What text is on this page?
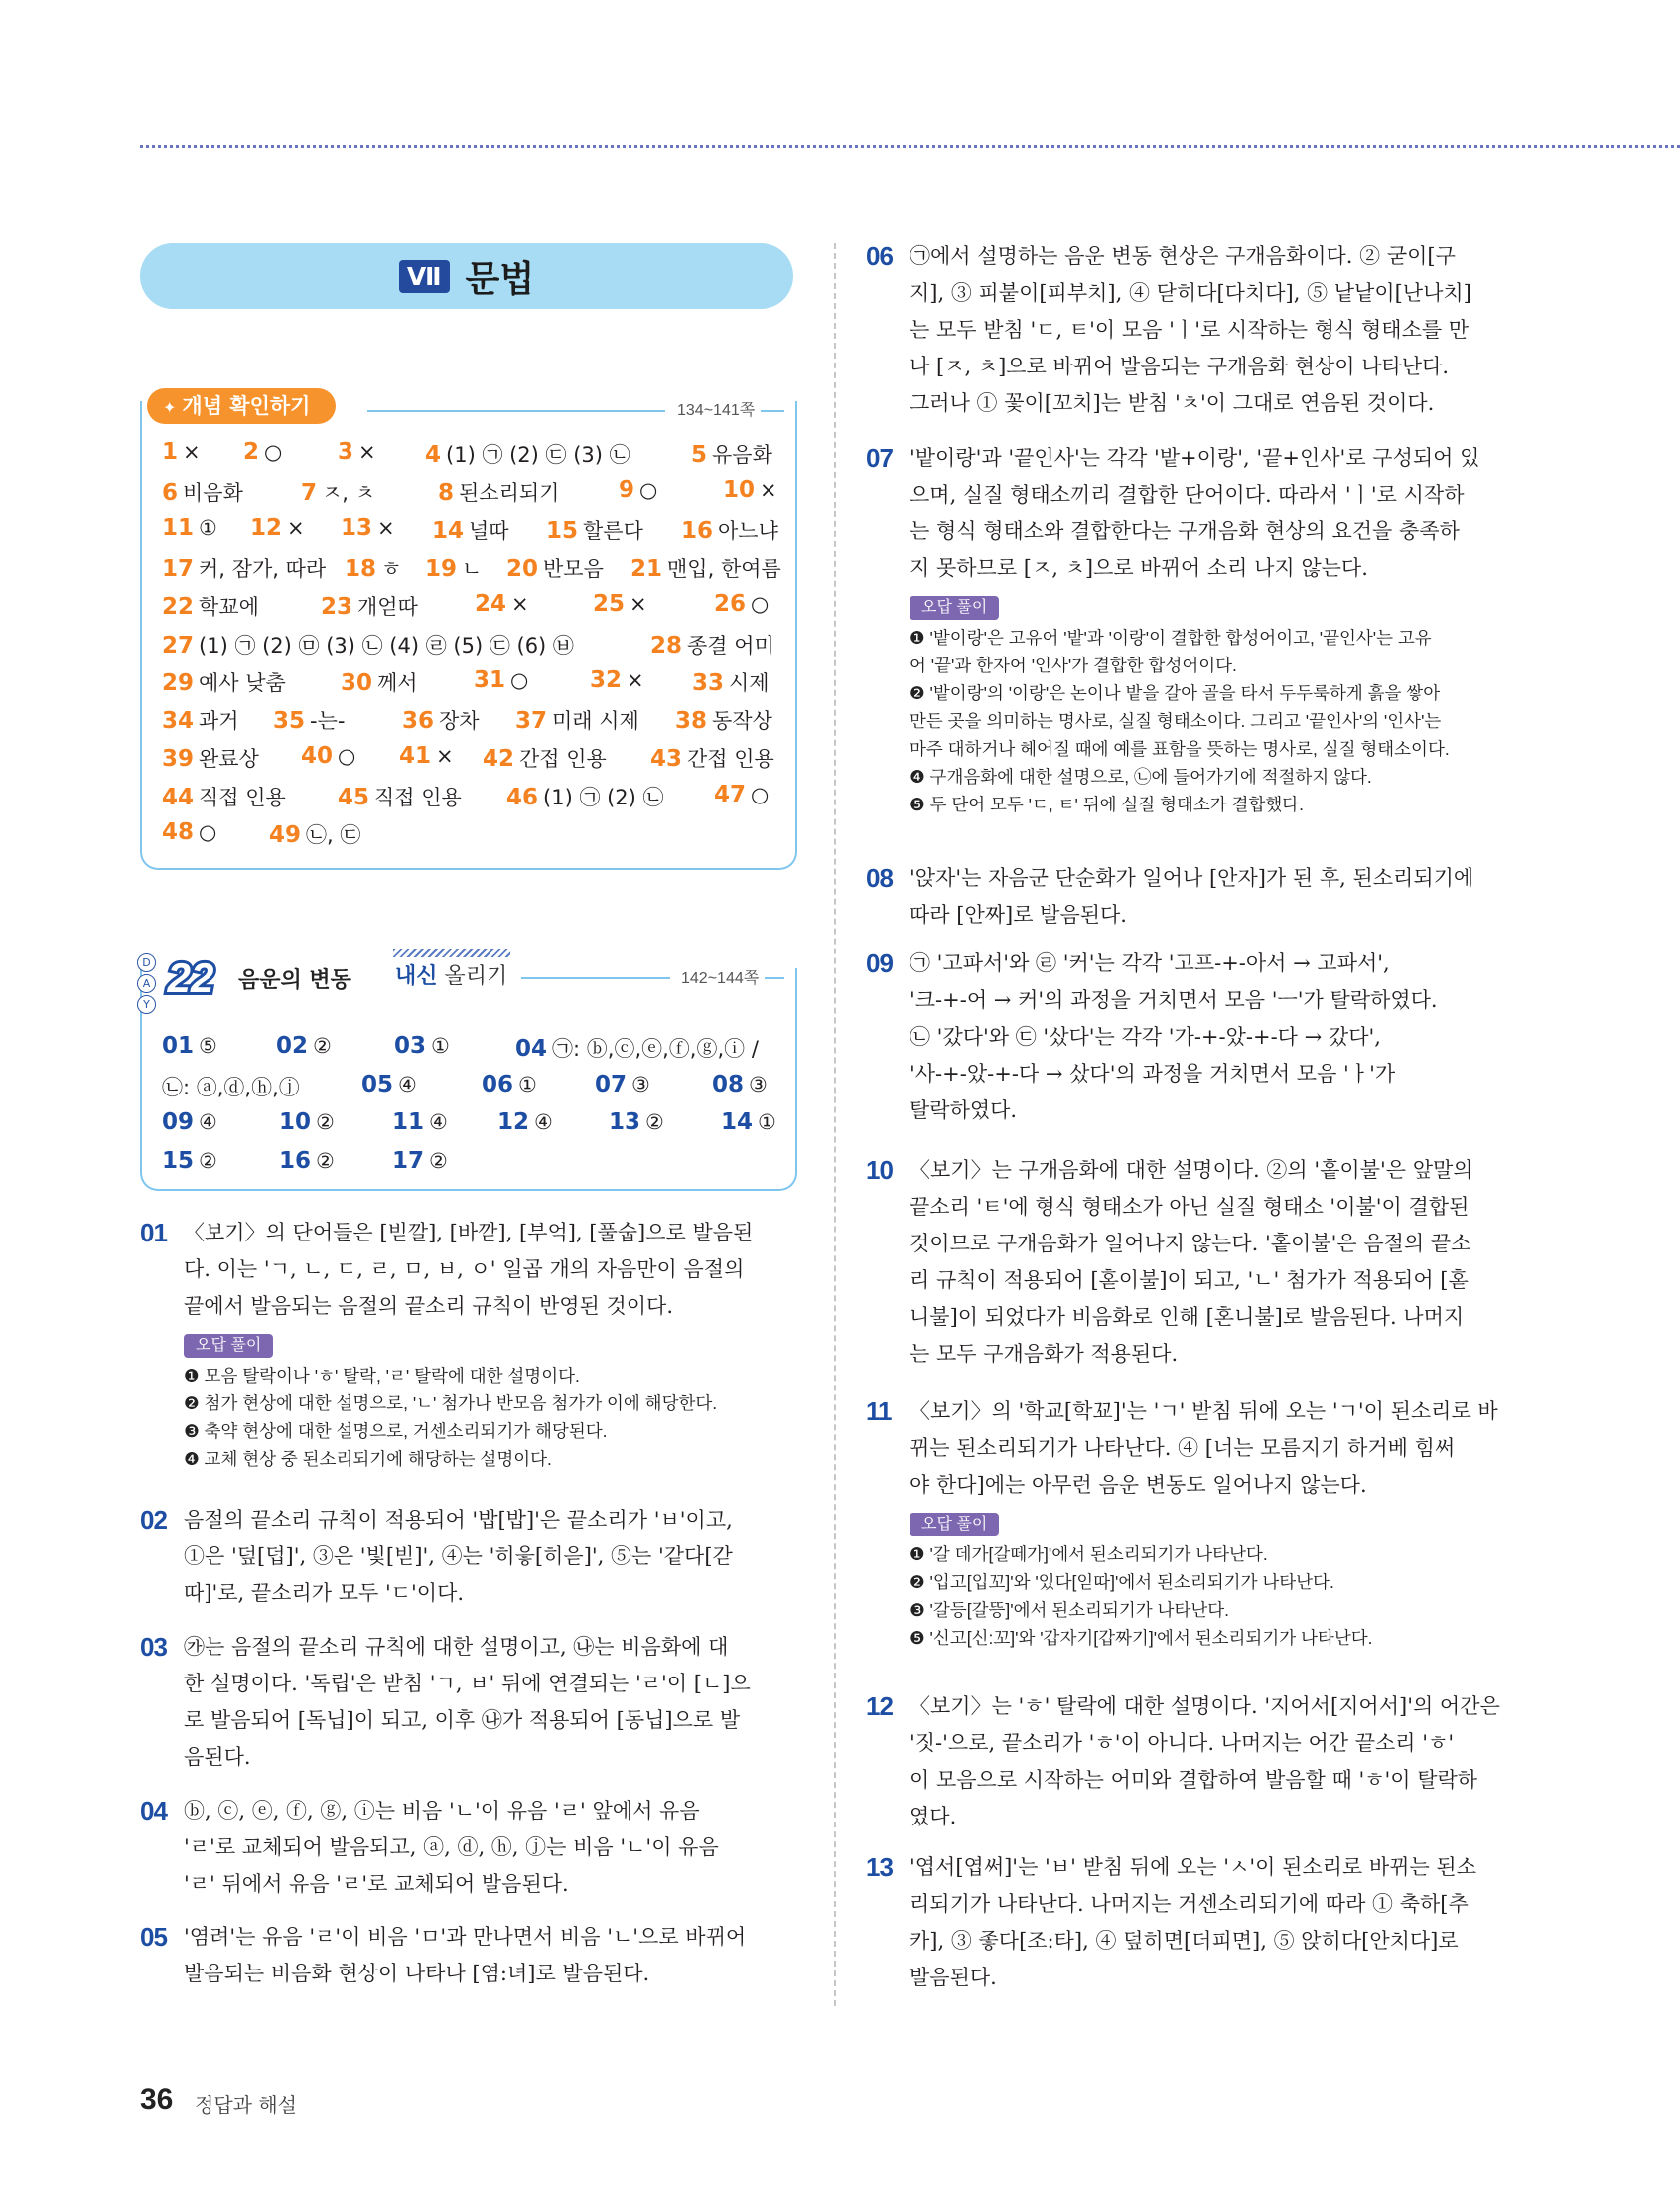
Ⅶ 문법
✦ 개념 확인하기	134~141쪽
1 × 2 ○ 3 × 4 (1) ㉠ (2) ㉢ (3) ㉡	5 유음화
6 비음화	7 ㅈ, ㅊ	8 된소리되기	9 ○	10 ×
11 ① 12 × 13 × 14 널따 15 할른다 16 아느냐
17 커, 잠가, 따라 18 ㅎ 19 ㄴ 20 반모음 21 맨입, 한여름
22 학꾜에	23 개얻따 24 ×	25 ×	26 ○
27 (1) ㉠ (2) ㉤ (3) ㉡ (4) ㉣ (5) ㉢ (6) ㉥	28 종결 어미
29 예사 낮춤 30 께서 31 ○	32 × 33 시제
34 과거 35 -는-	36 장차 37 미래 시제 38 동작상
39 완료상 40 ○ 41 × 42 간접 인용 43 간접 인용
44 직접 인용 45 직접 인용 46 (1) ㉠ (2) ㉡ 47 ○
48 ○ 49 ㉡, ㉢
D
A
Y
22 음운의 변동 내신 올리기	142~144쪽
01 ⑤	02 ②	03 ①	04 ㉠: ⓑ,ⓒ,ⓔ,ⓕ,ⓖ,ⓘ /
㉡: ⓐ,ⓓ,ⓗ,ⓙ	05 ④	06 ①	07 ③	08 ③
09 ④	10 ②	11 ④ 12 ④ 13 ② 14 ①
15 ②	16 ②	17 ②
01 〈보기〉의 단어들은 [빋깔], [바깓], [부억], [풀숩]으로 발음된
다. 이는 'ㄱ, ㄴ, ㄷ, ㄹ, ㅁ, ㅂ, ㅇ' 일곱 개의 자음만이 음절의
끝에서 발음되는 음절의 끝소리 규칙이 반영된 것이다.
오답 풀이
❶ 모음 탈락이나 'ㅎ' 탈락, 'ㄹ' 탈락에 대한 설명이다.
❷ 첨가 현상에 대한 설명으로, 'ㄴ' 첨가나 반모음 첨가가 이에 해당한다.
❸ 축약 현상에 대한 설명으로, 거센소리되기가 해당된다.
❹ 교체 현상 중 된소리되기에 해당하는 설명이다.
02 음절의 끝소리 규칙이 적용되어 '밥[밥]'은 끝소리가 'ㅂ'이고,
①은 '덮[덥]', ③은 '빛[빋]', ④는 '히읗[히읃]', ⑤는 '같다[갇
따]'로, 끝소리가 모두 'ㄷ'이다.
03 ㉮는 음절의 끝소리 규칙에 대한 설명이고, ㉯는 비음화에 대
한 설명이다. '독립'은 받침 'ㄱ, ㅂ' 뒤에 연결되는 'ㄹ'이 [ㄴ]으
로 발음되어 [독닙]이 되고, 이후 ㉯가 적용되어 [동닙]으로 발
음된다.
04 ⓑ, ⓒ, ⓔ, ⓕ, ⓖ, ⓘ는 비음 'ㄴ'이 유음 'ㄹ' 앞에서 유음
'ㄹ'로 교체되어 발음되고, ⓐ, ⓓ, ⓗ, ⓙ는 비음 'ㄴ'이 유음
'ㄹ' 뒤에서 유음 'ㄹ'로 교체되어 발음된다.
05 '염려'는 유음 'ㄹ'이 비음 'ㅁ'과 만나면서 비음 'ㄴ'으로 바뀌어
발음되는 비음화 현상이 나타나 [염:녀]로 발음된다.
06 ㉠에서 설명하는 음운 변동 현상은 구개음화이다. ② 굳이[구
지], ③ 피붙이[피부치], ④ 닫히다[다치다], ⑤ 낱낱이[난나치]
는 모두 받침 'ㄷ, ㅌ'이 모음 'ㅣ'로 시작하는 형식 형태소를 만
나 [ㅈ, ㅊ]으로 바뀌어 발음되는 구개음화 현상이 나타난다.
그러나 ① 꽃이[꼬치]는 받침 'ㅊ'이 그대로 연음된 것이다.
07 '밭이랑'과 '끝인사'는 각각 '밭+이랑', '끝+인사'로 구성되어 있
으며, 실질 형태소끼리 결합한 단어이다. 따라서 'ㅣ'로 시작하
는 형식 형태소와 결합한다는 구개음화 현상의 요건을 충족하
지 못하므로 [ㅈ, ㅊ]으로 바뀌어 소리 나지 않는다.
오답 풀이
❶ '밭이랑'은 고유어 '밭'과 '이랑'이 결합한 합성어이고, '끝인사'는 고유
어 '끝'과 한자어 '인사'가 결합한 합성어이다.
❷ '밭이랑'의 '이랑'은 논이나 밭을 갈아 골을 타서 두두룩하게 흙을 쌓아
만든 곳을 의미하는 명사로, 실질 형태소이다. 그리고 '끝인사'의 '인사'는
마주 대하거나 헤어질 때에 예를 표함을 뜻하는 명사로, 실질 형태소이다.
❹ 구개음화에 대한 설명으로, ㉡에 들어가기에 적절하지 않다.
❺ 두 단어 모두 'ㄷ, ㅌ' 뒤에 실질 형태소가 결합했다.
08 '앉자'는 자음군 단순화가 일어나 [안자]가 된 후, 된소리되기에
따라 [안짜]로 발음된다.
09 ㉠ '고파서'와 ㉣ '커'는 각각 '고프-+-아서 → 고파서',
'크-+-어 → 커'의 과정을 거치면서 모음 'ㅡ'가 탈락하였다.
㉡ '갔다'와 ㉢ '샀다'는 각각 '가-+-았-+-다 → 갔다',
'사-+-았-+-다 → 샀다'의 과정을 거치면서 모음 'ㅏ'가
탈락하였다.
10 〈보기〉는 구개음화에 대한 설명이다. ②의 '홑이불'은 앞말의
끝소리 'ㅌ'에 형식 형태소가 아닌 실질 형태소 '이불'이 결합된
것이므로 구개음화가 일어나지 않는다. '홑이불'은 음절의 끝소
리 규칙이 적용되어 [혿이불]이 되고, 'ㄴ' 첨가가 적용되어 [혿
니불]이 되었다가 비음화로 인해 [혼니불]로 발음된다. 나머지
는 모두 구개음화가 적용된다.
11 〈보기〉의 '학교[학꾜]'는 'ㄱ' 받침 뒤에 오는 'ㄱ'이 된소리로 바
뀌는 된소리되기가 나타난다. ④ [너는 모름지기 하거베 힘써
야 한다]에는 아무런 음운 변동도 일어나지 않는다.
오답 풀이
❶ '갈 데가[갈떼가]'에서 된소리되기가 나타난다.
❷ '입고[입꼬]'와 '있다[읻따]'에서 된소리되기가 나타난다.
❸ '갈등[갈뜽]'에서 된소리되기가 나타난다.
❺ '신고[신:꼬]'와 '갑자기[갑짜기]'에서 된소리되기가 나타난다.
12 〈보기〉는 'ㅎ' 탈락에 대한 설명이다. '지어서[지어서]'의 어간은
'짓-'으로, 끝소리가 'ㅎ'이 아니다. 나머지는 어간 끝소리 'ㅎ'
이 모음으로 시작하는 어미와 결합하여 발음할 때 'ㅎ'이 탈락하
였다.
13 '엽서[엽써]'는 'ㅂ' 받침 뒤에 오는 'ㅅ'이 된소리로 바뀌는 된소
리되기가 나타난다. 나머지는 거센소리되기에 따라 ① 축하[추
카], ③ 좋다[조:타], ④ 덮히면[더피면], ⑤ 앉히다[안치다]로
발음된다.
36 정답과 해설
